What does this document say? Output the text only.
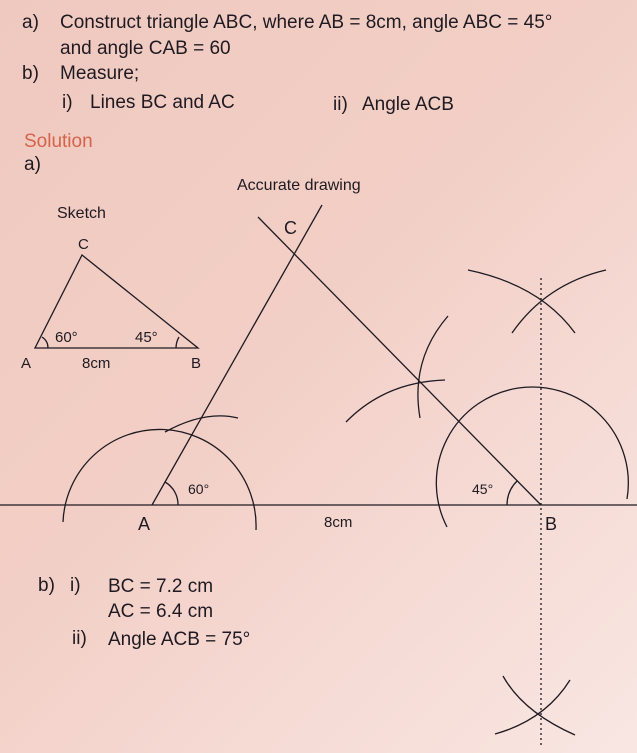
a) Construct triangle ABC, where AB = 8cm, angle ABC = 45°
and angle CAB = 60
b) Measure;
i) Lines BC and AC	ii) Angle ACB
Solution
a)
Accurate drawing
Sketch
C
A	B
60°	45°
8cm
C
A	B
60°	45°
8cm
b) i) BC = 7.2 cm
AC = 6.4 cm
ii) Angle ACB = 75°
